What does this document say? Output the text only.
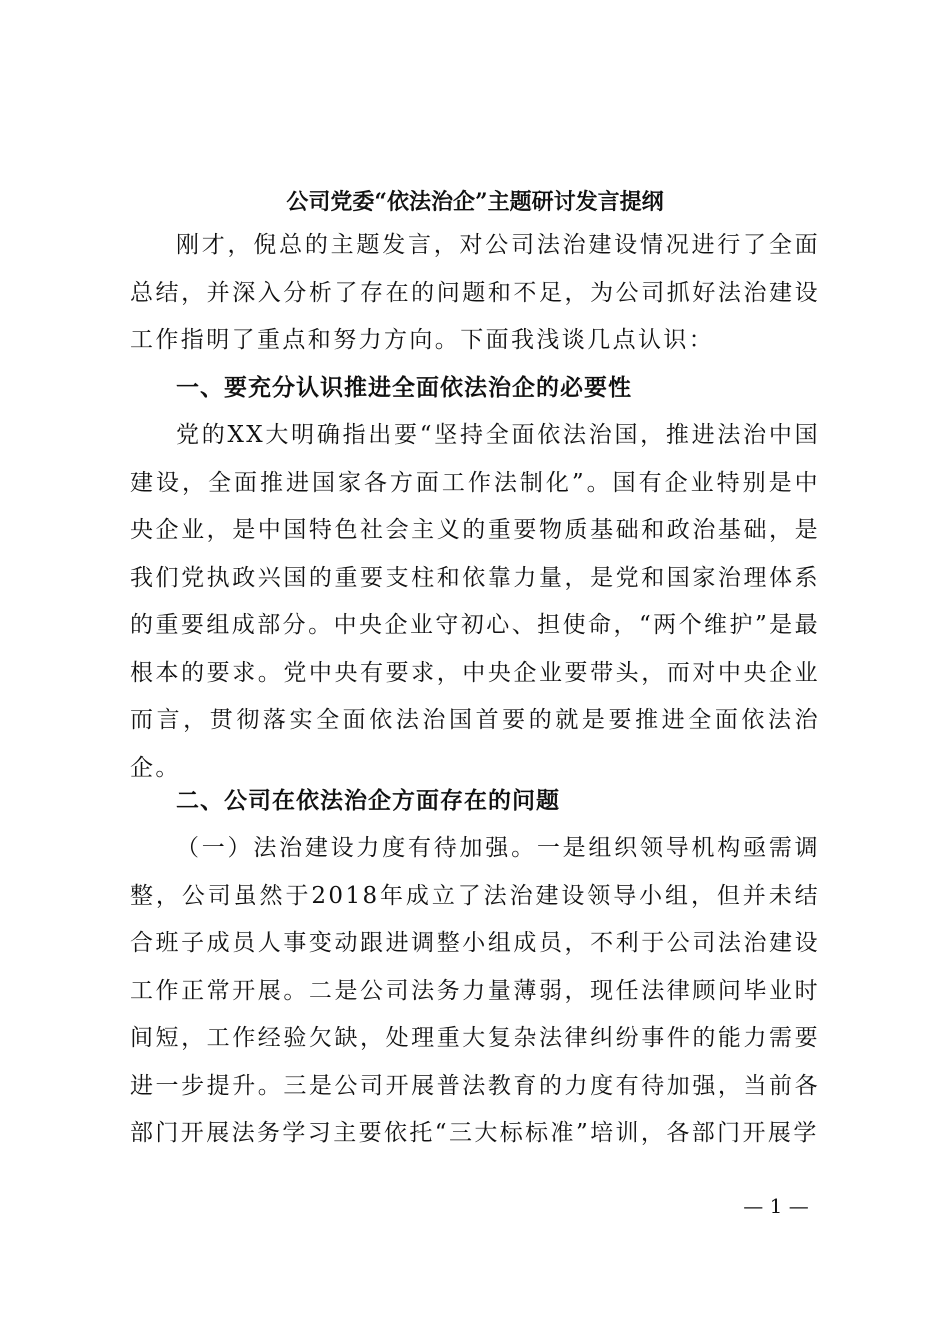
公司党委“依法治企”主题研讨发言提纲

刚才，倪总的主题发言，对公司法治建设情况进行了全面总结，并深入分析了存在的问题和不足，为公司抓好法治建设工作指明了重点和努力方向。下面我浅谈几点认识：

一、要充分认识推进全面依法治企的必要性

党的XX大明确指出要“坚持全面依法治国，推进法治中国建设，全面推进国家各方面工作法制化”。国有企业特别是中央企业，是中国特色社会主义的重要物质基础和政治基础，是我们党执政兴国的重要支柱和依靠力量，是党和国家治理体系的重要组成部分。中央企业守初心、担使命，“两个维护”是最根本的要求。党中央有要求，中央企业要带头，而对中央企业而言，贯彻落实全面依法治国首要的就是要推进全面依法治企。

二、公司在依法治企方面存在的问题

（一）法治建设力度有待加强。一是组织领导机构亟需调整，公司虽然于2018年成立了法治建设领导小组，但并未结合班子成员人事变动跟进调整小组成员，不利于公司法治建设工作正常开展。二是公司法务力量薄弱，现任法律顾问毕业时间短，工作经验欠缺，处理重大复杂法律纠纷事件的能力需要进一步提升。三是公司开展普法教育的力度有待加强，当前各部门开展法务学习主要依托“三大标标准”培训，各部门开展学

— 1 —
